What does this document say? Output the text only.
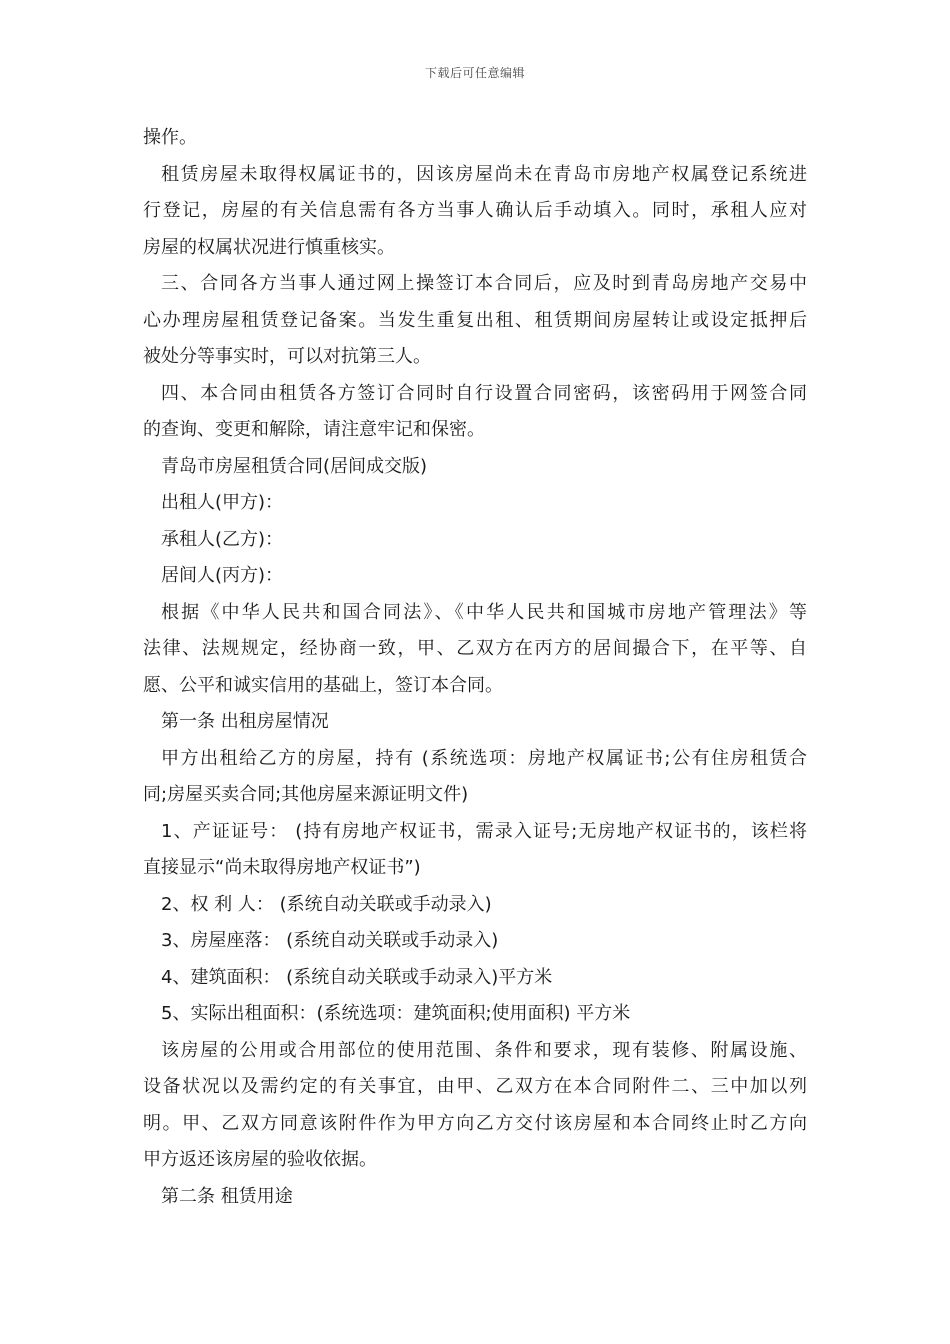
下载后可任意编辑
操作。
租赁房屋未取得权属证书的，因该房屋尚未在青岛市房地产权属登记系统进
行登记，房屋的有关信息需有各方当事人确认后手动填入。同时，承租人应对
房屋的权属状况进行慎重核实。
三、合同各方当事人通过网上操签订本合同后，应及时到青岛房地产交易中
心办理房屋租赁登记备案。当发生重复出租、租赁期间房屋转让或设定抵押后
被处分等事实时，可以对抗第三人。
四、本合同由租赁各方签订合同时自行设置合同密码，该密码用于网签合同
的查询、变更和解除，请注意牢记和保密。
青岛市房屋租赁合同(居间成交版)
出租人(甲方)：
承租人(乙方)：
居间人(丙方)：
根据《中华人民共和国合同法》、《中华人民共和国城市房地产管理法》等
法律、法规规定，经协商一致，甲、乙双方在丙方的居间撮合下，在平等、自
愿、公平和诚实信用的基础上，签订本合同。
第一条 出租房屋情况
甲方出租给乙方的房屋，持有 (系统选项：房地产权属证书;公有住房租赁合
同;房屋买卖合同;其他房屋来源证明文件)
1、产证证号： (持有房地产权证书，需录入证号;无房地产权证书的，该栏将
直接显示“尚未取得房地产权证书”)
2、权 利 人： (系统自动关联或手动录入)
3、房屋座落： (系统自动关联或手动录入)
4、建筑面积： (系统自动关联或手动录入)平方米
5、实际出租面积：(系统选项：建筑面积;使用面积) 平方米
该房屋的公用或合用部位的使用范围、条件和要求，现有装修、附属设施、
设备状况以及需约定的有关事宜，由甲、乙双方在本合同附件二、三中加以列
明。甲、乙双方同意该附件作为甲方向乙方交付该房屋和本合同终止时乙方向
甲方返还该房屋的验收依据。
第二条 租赁用途
